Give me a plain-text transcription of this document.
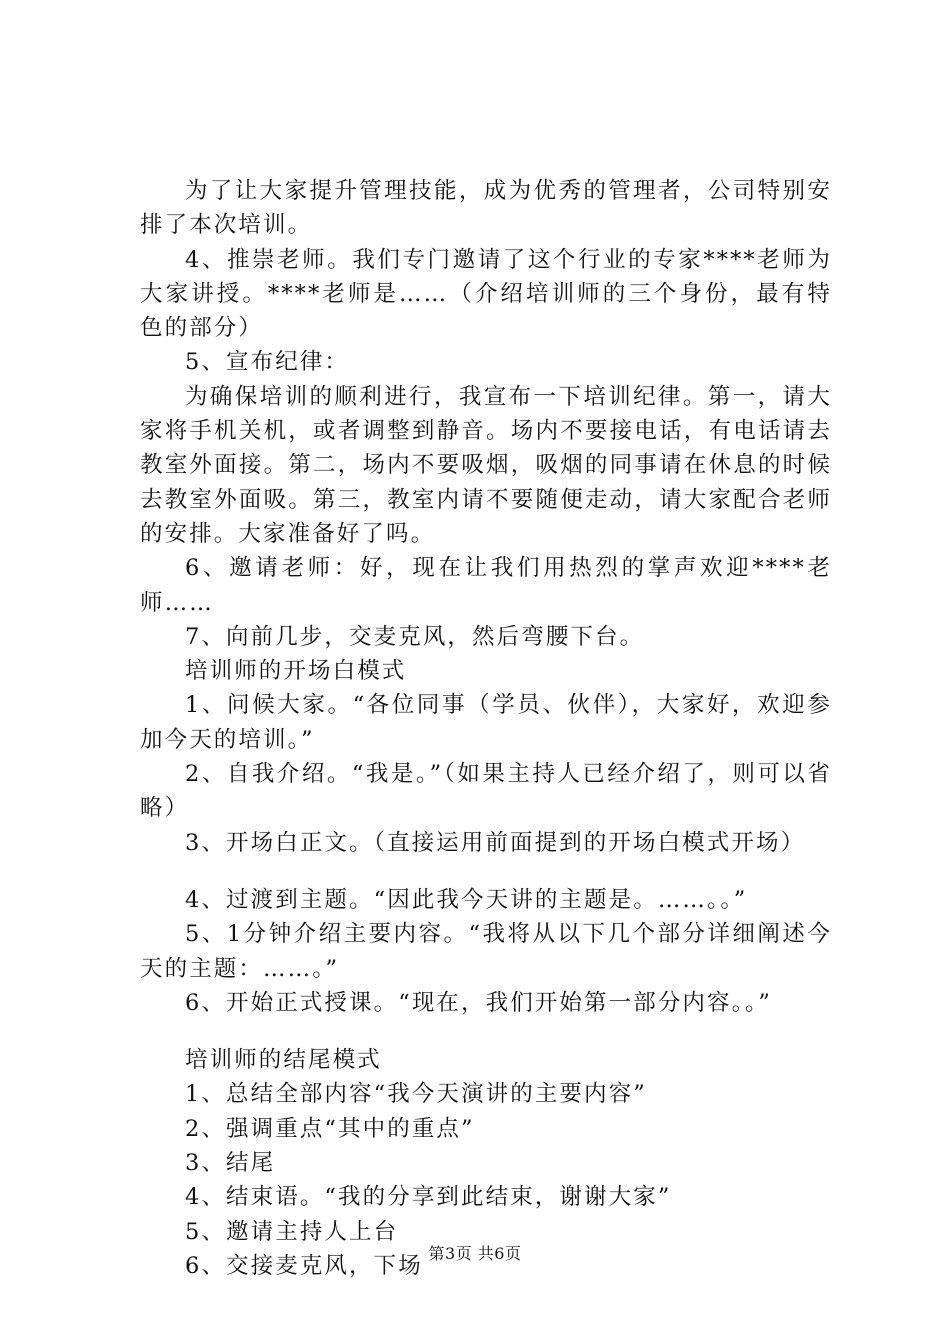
为了让大家提升管理技能，成为优秀的管理者，公司特别安排了本次培训。

4、推崇老师。我们专门邀请了这个行业的专家****老师为大家讲授。****老师是……（介绍培训师的三个身份，最有特色的部分）

5、宣布纪律：

为确保培训的顺利进行，我宣布一下培训纪律。第一，请大家将手机关机，或者调整到静音。场内不要接电话，有电话请去教室外面接。第二，场内不要吸烟，吸烟的同事请在休息的时候去教室外面吸。第三，教室内请不要随便走动，请大家配合老师的安排。大家准备好了吗。

6、邀请老师：好，现在让我们用热烈的掌声欢迎****老师……

7、向前几步，交麦克风，然后弯腰下台。

培训师的开场白模式

1、问候大家。“各位同事（学员、伙伴），大家好，欢迎参加今天的培训。”

2、自我介绍。“我是。”（如果主持人已经介绍了，则可以省略）

3、开场白正文。（直接运用前面提到的开场白模式开场）

4、过渡到主题。“因此我今天讲的主题是。……。。”

5、1分钟介绍主要内容。“我将从以下几个部分详细阐述今天的主题：……。”

6、开始正式授课。“现在，我们开始第一部分内容。。”

培训师的结尾模式

1、总结全部内容“我今天演讲的主要内容”

2、强调重点“其中的重点”

3、结尾

4、结束语。“我的分享到此结束，谢谢大家”

5、邀请主持人上台

6、交接麦克风，下场 第3页 共6页
